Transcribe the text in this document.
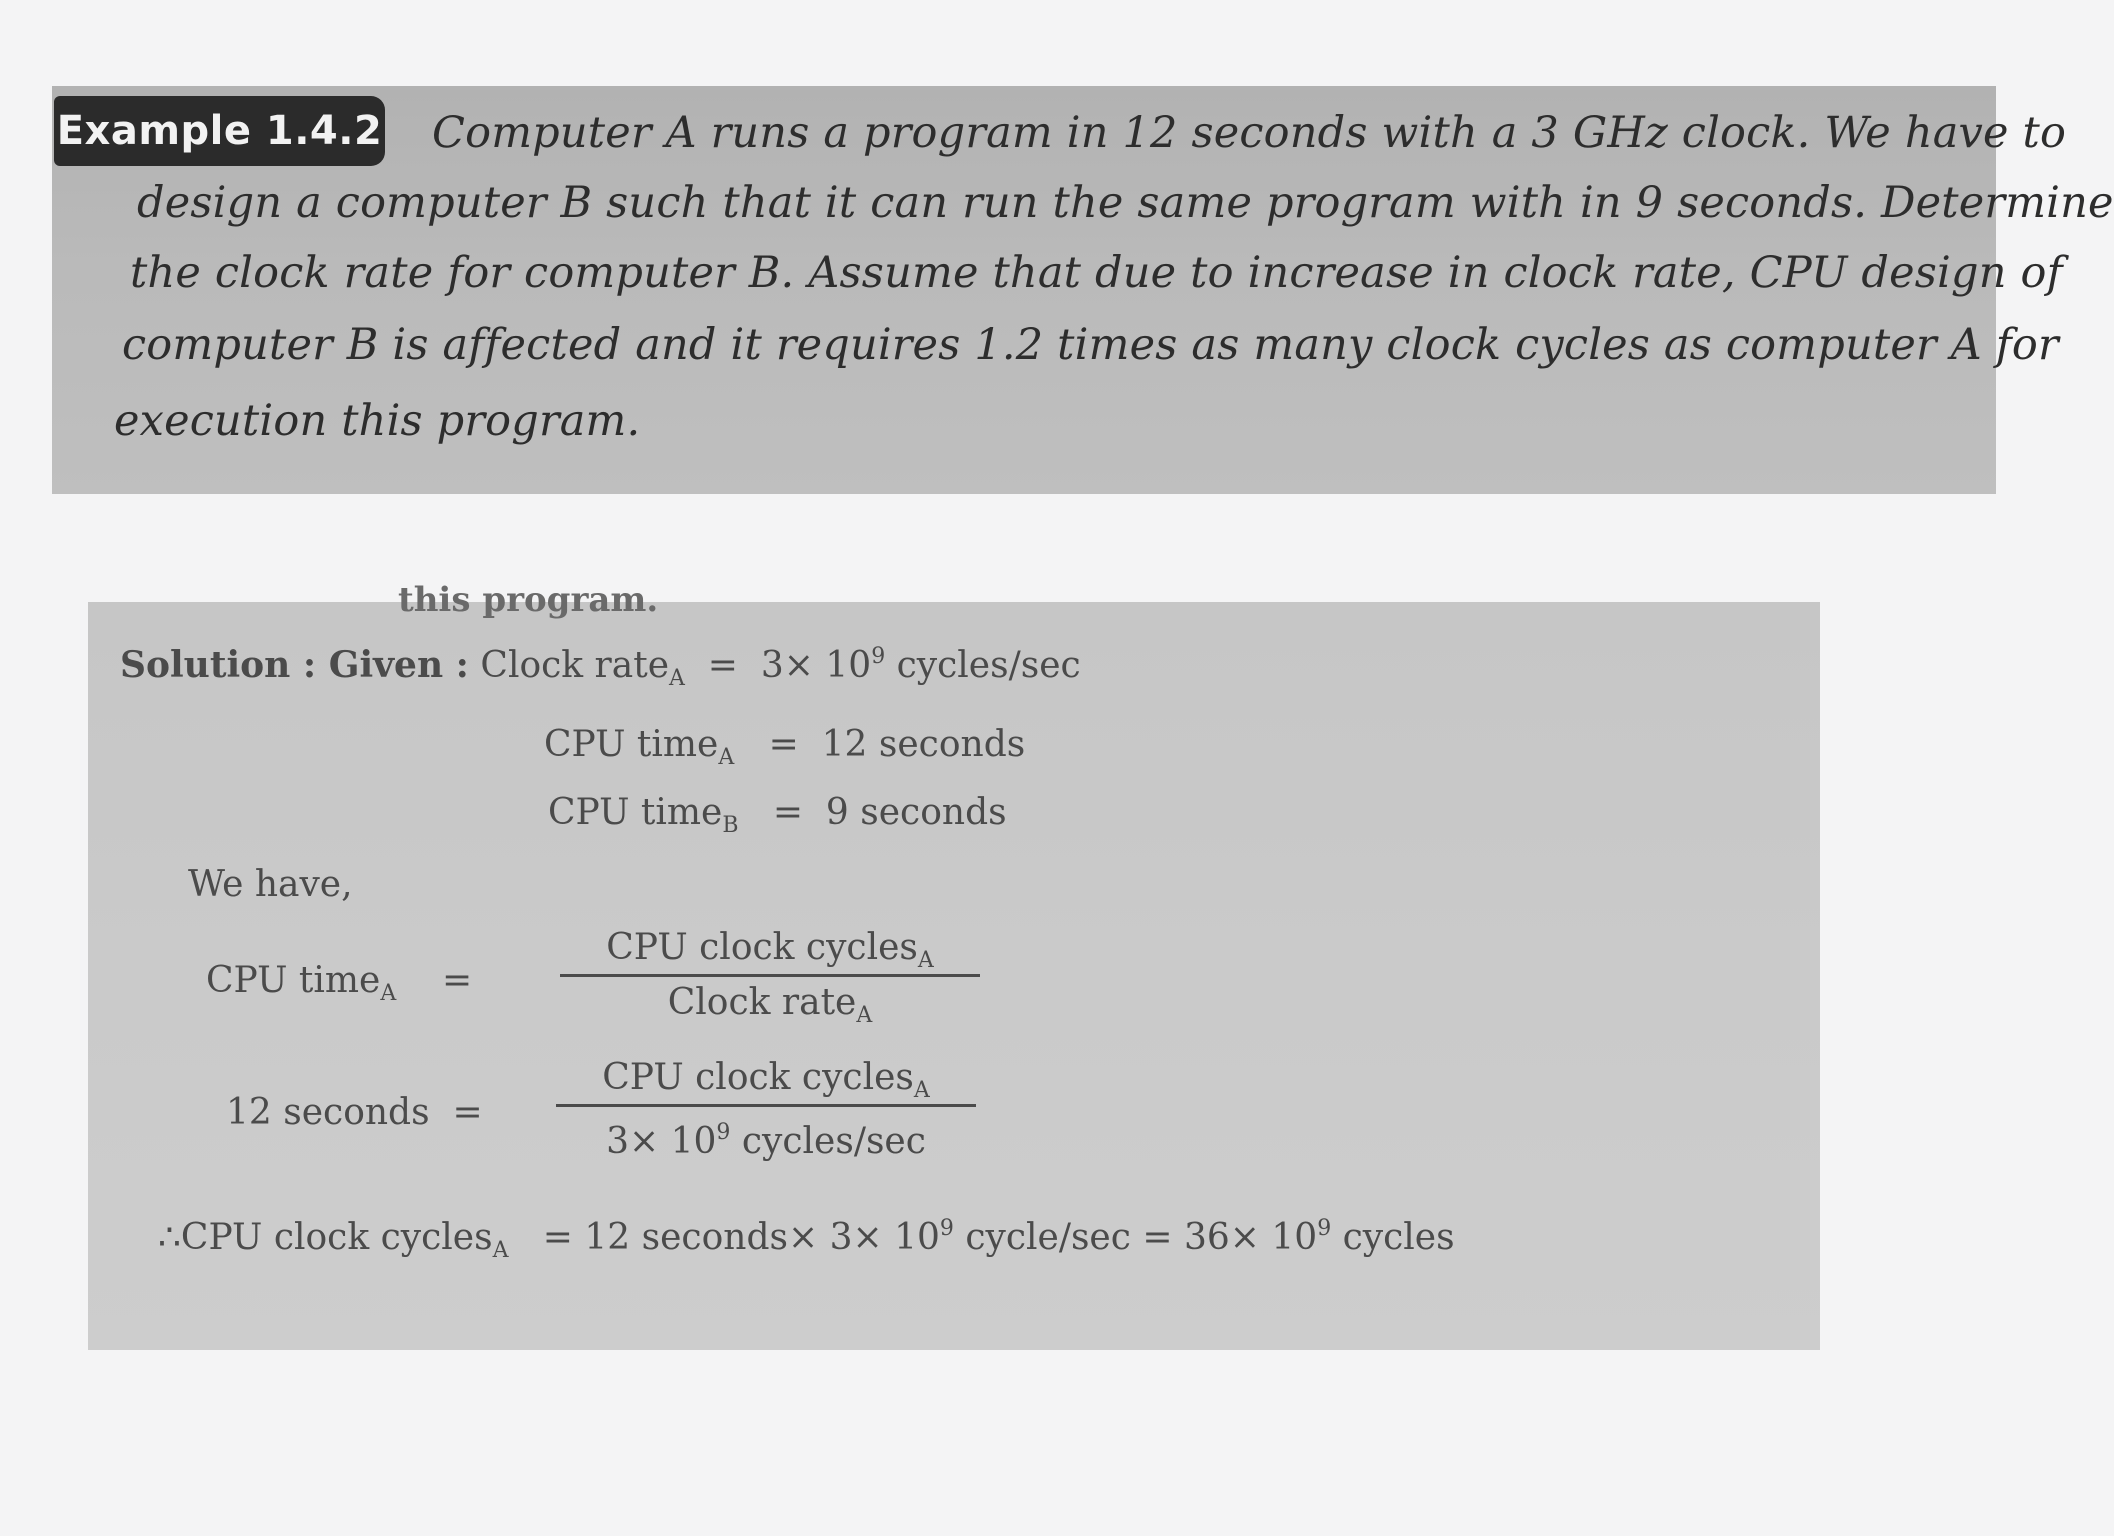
Example 1.4.2 Computer A runs a program in 12 seconds with a 3 GHz clock. We have to
design a computer B such that it can run the same program with in 9 seconds. Determine
the clock rate for computer B. Assume that due to increase in clock rate, CPU design of
computer B is affected and it requires 1.2 times as many clock cycles as computer A for
execution this program.
this program.
Solution : Given : Clock rate$_A$ = $3\times 10^9$ cycles/sec
CPU time$_A$ = 12 seconds
CPU time$_B$ = 9 seconds
We have,
CPU time$_A$ =
CPU clock cycles$_A$
Clock rate$_A$
12 seconds =
CPU clock cycles$_A$
$3\times 10^9$ cycles/sec
∴CPU clock cycles$_A$ = 12 seconds× $3\times 10^9$ cycle/sec = $36\times 10^9$ cycles
